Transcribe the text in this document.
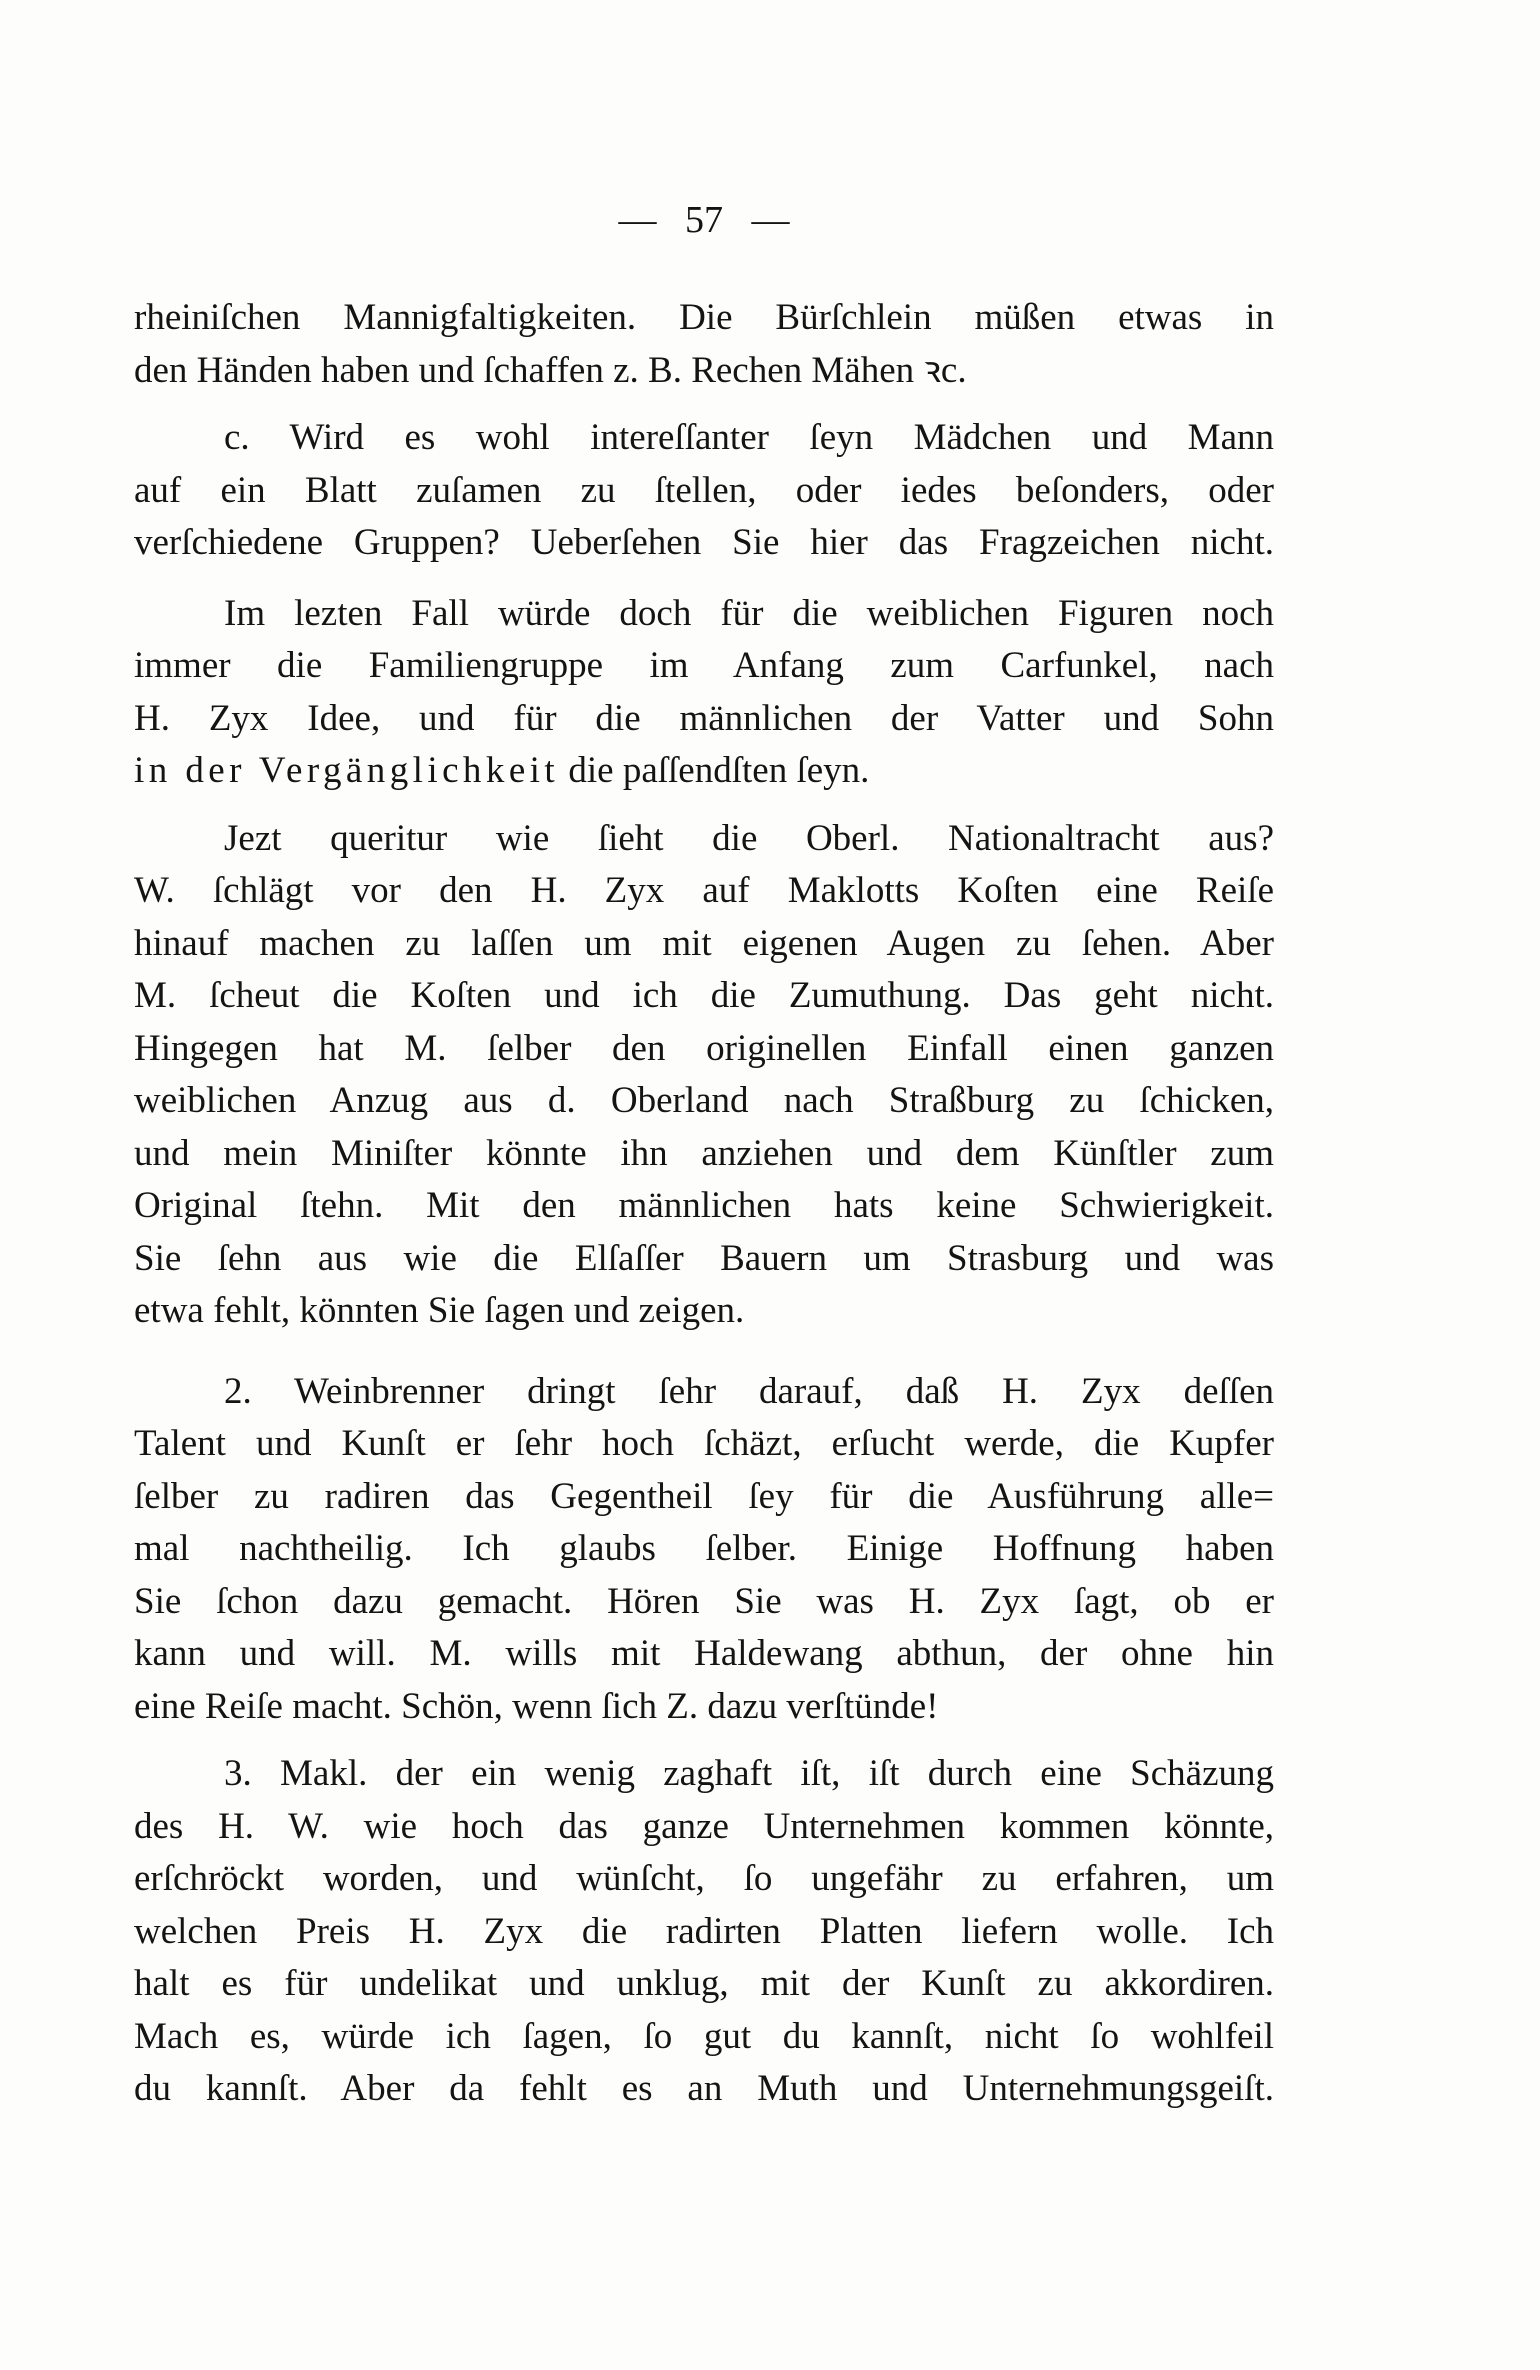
—   57   —
rheiniſchen Mannigfaltigkeiten. Die Bürſchlein müßen etwas in
den Händen haben und ſchaffen z. B. Rechen Mähen ꝛc.
c. Wird es wohl intereſſanter ſeyn Mädchen und Mann
auf ein Blatt zuſamen zu ſtellen, oder iedes beſonders, oder
verſchiedene Gruppen? Ueberſehen Sie hier das Fragzeichen nicht.
Im lezten Fall würde doch für die weiblichen Figuren noch
immer die Familiengruppe im Anfang zum Carfunkel, nach
H. Zyx Idee, und für die männlichen der Vatter und Sohn
in der Vergänglichkeit die paſſendſten ſeyn.
Jezt queritur wie ſieht die Oberl. Nationaltracht aus?
W. ſchlägt vor den H. Zyx auf Maklotts Koſten eine Reiſe
hinauf machen zu laſſen um mit eigenen Augen zu ſehen. Aber
M. ſcheut die Koſten und ich die Zumuthung. Das geht nicht.
Hingegen hat M. ſelber den originellen Einfall einen ganzen
weiblichen Anzug aus d. Oberland nach Straßburg zu ſchicken,
und mein Miniſter könnte ihn anziehen und dem Künſtler zum
Original ſtehn. Mit den männlichen hats keine Schwierigkeit.
Sie ſehn aus wie die Elſaſſer Bauern um Strasburg und was
etwa fehlt, könnten Sie ſagen und zeigen.
2. Weinbrenner dringt ſehr darauf, daß H. Zyx deſſen
Talent und Kunſt er ſehr hoch ſchäzt, erſucht werde, die Kupfer
ſelber zu radiren das Gegentheil ſey für die Ausführung alle=
mal nachtheilig. Ich glaubs ſelber. Einige Hoffnung haben
Sie ſchon dazu gemacht. Hören Sie was H. Zyx ſagt, ob er
kann und will. M. wills mit Haldewang abthun, der ohne hin
eine Reiſe macht. Schön, wenn ſich Z. dazu verſtünde!
3. Makl. der ein wenig zaghaft iſt, iſt durch eine Schäzung
des H. W. wie hoch das ganze Unternehmen kommen könnte,
erſchröckt worden, und wünſcht, ſo ungefähr zu erfahren, um
welchen Preis H. Zyx die radirten Platten liefern wolle. Ich
halt es für undelikat und unklug, mit der Kunſt zu akkordiren.
Mach es, würde ich ſagen, ſo gut du kannſt, nicht ſo wohlfeil
du kannſt. Aber da fehlt es an Muth und Unternehmungsgeiſt.
